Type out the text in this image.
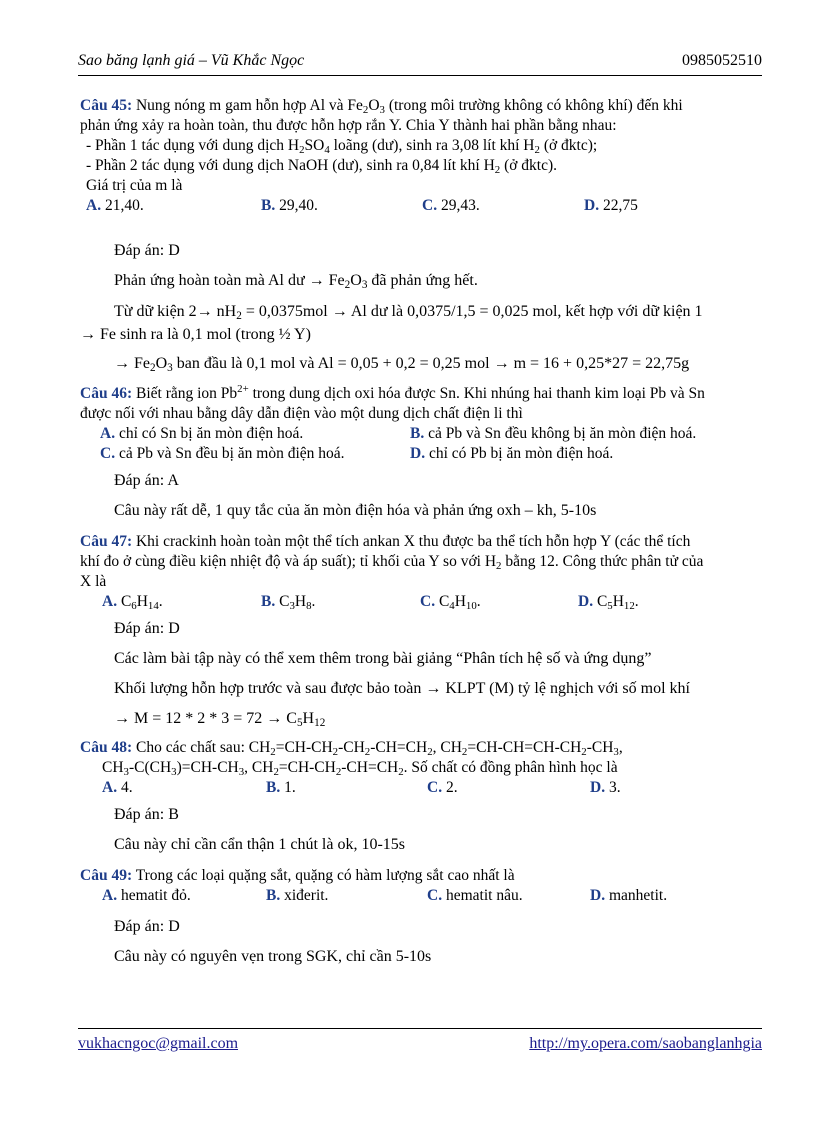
Sao băng lạnh giá – Vũ Khắc Ngọc	0985052510
Câu 45: Nung nóng m gam hỗn hợp Al và $Fe_2O_3$ (trong môi trường không có không khí) đến khi
phản ứng xảy ra hoàn toàn, thu được hỗn hợp rắn Y. Chia Y thành hai phần bằng nhau:
- Phần 1 tác dụng với dung dịch $H_2SO_4$ loãng (dư), sinh ra 3,08 lít khí $H_2$ (ở đktc);
- Phần 2 tác dụng với dung dịch NaOH (dư), sinh ra 0,84 lít khí $H_2$ (ở đktc).
Giá trị của m là
A. 21,40.	B. 29,40.	C. 29,43.	D. 22,75
Đáp án: D
Phản ứng hoàn toàn mà Al dư → $Fe_2O_3$ đã phản ứng hết.
Từ dữ kiện $2\to nH_2 = 0,0375mol \to Al$ dư là 0,0375/1,5 = 0,025 mol, kết hợp với dữ kiện 1
→ Fe sinh ra là 0,1 mol (trong ½ Y)
→ $Fe_2O_3$ ban đầu là 0,1 mol và Al = 0,05 + 0,2 = 0,25 mol → m = 16 + 0,25*27 = 22,75g
Câu 46: Biết rằng ion $Pb^{2+}$ trong dung dịch oxi hóa được Sn. Khi nhúng hai thanh kim loại Pb và Sn
được nối với nhau bằng dây dẫn điện vào một dung dịch chất điện li thì
A. chỉ có Sn bị ăn mòn điện hoá.	B. cả Pb và Sn đều không bị ăn mòn điện hoá.
C. cả Pb và Sn đều bị ăn mòn điện hoá.	D. chỉ có Pb bị ăn mòn điện hoá.
Đáp án: A
Câu này rất dễ, 1 quy tắc của ăn mòn điện hóa và phản ứng oxh – kh, 5-10s
Câu 47: Khi crackinh hoàn toàn một thể tích ankan X thu được ba thể tích hỗn hợp Y (các thể tích
khí đo ở cùng điều kiện nhiệt độ và áp suất); tỉ khối của Y so với $H_2$ bằng 12. Công thức phân tử của
X là
A. $C_6H_{14}$.	B. $C_3H_8$.	C. $C_4H_{10}$.	D. $C_5H_{12}$.
Đáp án: D
Các làm bài tập này có thể xem thêm trong bài giảng “Phân tích hệ số và ứng dụng”
Khối lượng hỗn hợp trước và sau được bảo toàn → KLPT (M) tỷ lệ nghịch với số mol khí
→ $M = 12 * 2 * 3 = 72 \to C_5H_{12}$
Câu 48: Cho các chất sau: $CH_2=CH-CH_2-CH_2-CH=CH_2$, $CH_2=CH-CH=CH-CH_2-CH_3$,
$CH_3-C(CH_3)=CH-CH_3$, $CH_2=CH-CH_2-CH=CH_2$. Số chất có đồng phân hình học là
A. 4.	B. 1.	C. 2.	D. 3.
Đáp án: B
Câu này chỉ cần cẩn thận 1 chút là ok, 10-15s
Câu 49: Trong các loại quặng sắt, quặng có hàm lượng sắt cao nhất là
A. hematit đỏ.	B. xiđerit.	C. hematit nâu.	D. manhetit.
Đáp án: D
Câu này có nguyên vẹn trong SGK, chỉ cần 5-10s
vukhacngoc@gmail.com	http://my.opera.com/saobanglanhgia
